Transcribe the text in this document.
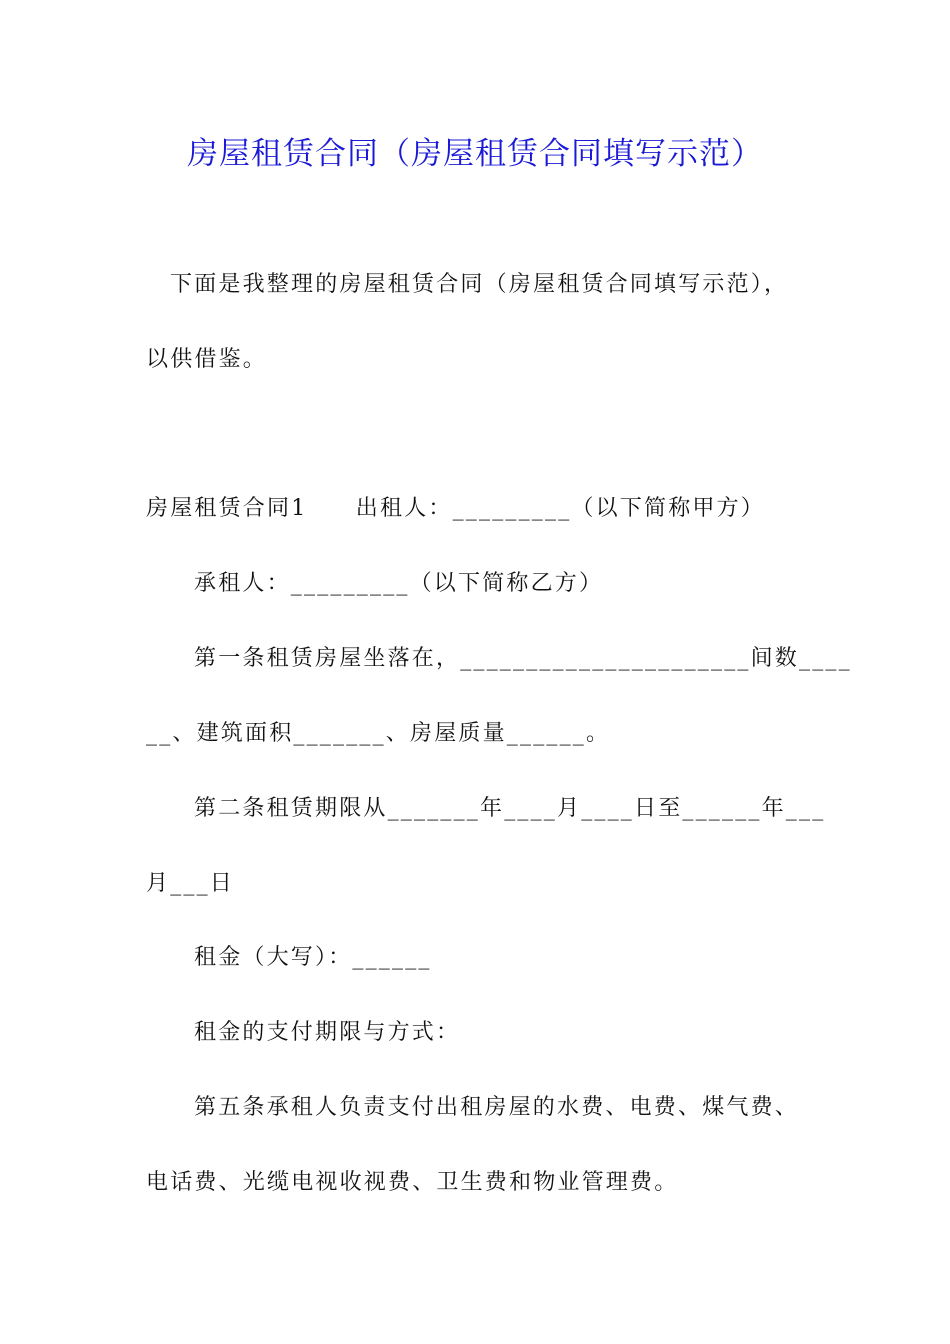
房屋租赁合同（房屋租赁合同填写示范）
下面是我整理的房屋租赁合同（房屋租赁合同填写示范），
以供借鉴。
房屋租赁合同1　　出租人：_________（以下简称甲方）
承租人：_________（以下简称乙方）
第一条租赁房屋坐落在，______________________间数____
__、建筑面积_______、房屋质量______。
第二条租赁期限从_______年____月____日至______年___
月___日
租金（大写）：______
租金的支付期限与方式：
第五条承租人负责支付出租房屋的水费、电费、煤气费、
电话费、光缆电视收视费、卫生费和物业管理费。
